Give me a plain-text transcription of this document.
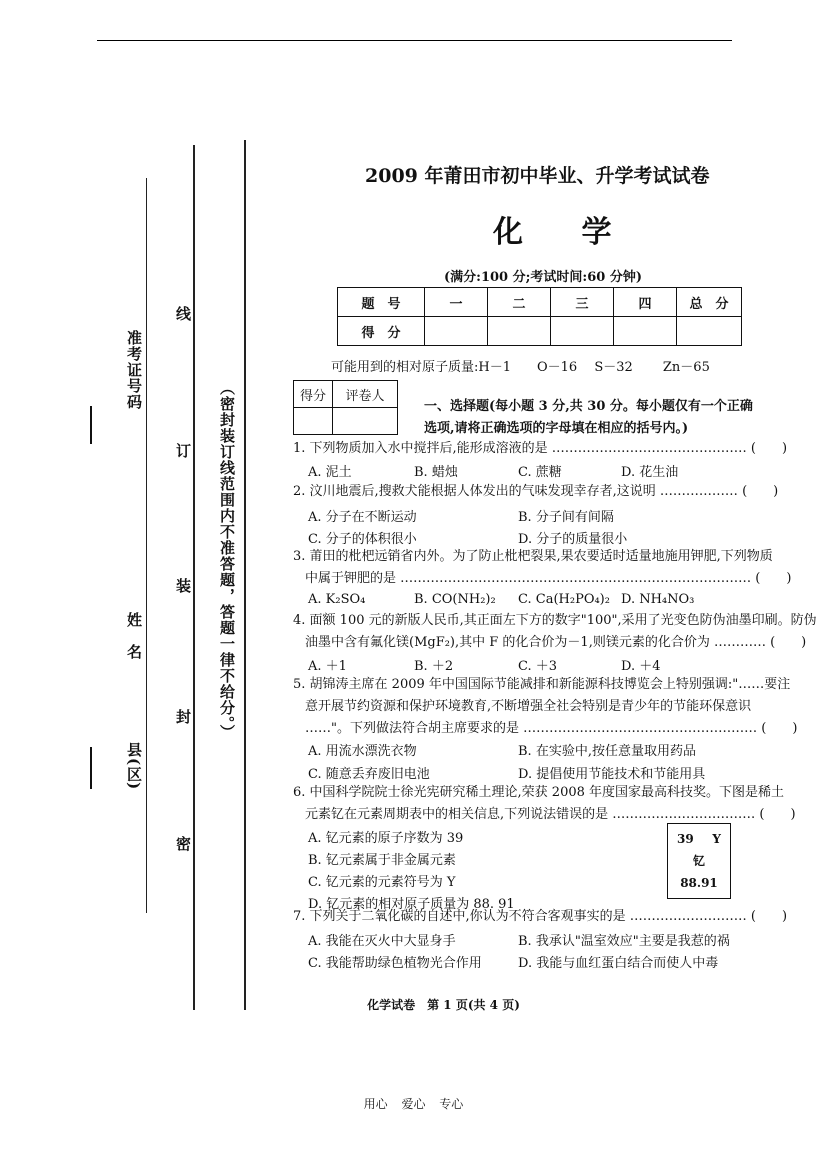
准考证号码
姓　名
县(区)
线
订
装
封
密
（密封装订线范围内不准答题，答题一律不给分。）
2009 年莆田市初中毕业、升学考试试卷
化 学
(满分:100 分;考试时间:60 分钟)
题　号	一	二	三	四	总　分
得　分					
可能用到的相对原子质量:H－1　　O－16　 S－32　　 Zn－65
得分	评卷人

一、选择题(每小题 3 分,共 30 分。每小题仅有一个正确选项,请将正确选项的字母填在相应的括号内。)
1. 下列物质加入水中搅拌后,能形成溶液的是 ……………………………………… (　　)
A. 泥土	B. 蜡烛	C. 蔗糖	D. 花生油
2. 汶川地震后,搜救犬能根据人体发出的气味发现幸存者,这说明 ……………… (　　)
A. 分子在不断运动	B. 分子间有间隔
C. 分子的体积很小	D. 分子的质量很小
3. 莆田的枇杷远销省内外。为了防止枇杷裂果,果农要适时适量地施用钾肥,下列物质
中属于钾肥的是 ……………………………………………………………………… (　　)
A. K₂SO₄	B. CO(NH₂)₂ C. Ca(H₂PO₄)₂ D. NH₄NO₃
4. 面额 100 元的新版人民币,其正面左下方的数字"100",采用了光变色防伪油墨印刷。防伪
油墨中含有氟化镁(MgF₂),其中 F 的化合价为－1,则镁元素的化合价为 ………… (　　)
A. ＋1	B. ＋2	C. ＋3	D. ＋4
5. 胡锦涛主席在 2009 年中国国际节能减排和新能源科技博览会上特别强调:"……要注
意开展节约资源和保护环境教育,不断增强全社会特别是青少年的节能环保意识
……"。下列做法符合胡主席要求的是 ……………………………………………… (　　)
A. 用流水漂洗衣物	B. 在实验中,按任意量取用药品
C. 随意丢弃废旧电池	D. 提倡使用节能技术和节能用具
6. 中国科学院院士徐光宪研究稀土理论,荣获 2008 年度国家最高科技奖。下图是稀土
元素钇在元素周期表中的相关信息,下列说法错误的是 …………………………… (　　)
A. 钇元素的原子序数为 39
B. 钇元素属于非金属元素
C. 钇元素的元素符号为 Y
D. 钇元素的相对原子质量为 88. 91
39 Y
钇
88.91
7. 下列关于二氧化碳的自述中,你认为不符合客观事实的是 ……………………… (　　)
A. 我能在灭火中大显身手	B. 我承认"温室效应"主要是我惹的祸
C. 我能帮助绿色植物光合作用	D. 我能与血红蛋白结合而使人中毒
化学试卷　第 1 页(共 4 页)
用心 爱心 专心
